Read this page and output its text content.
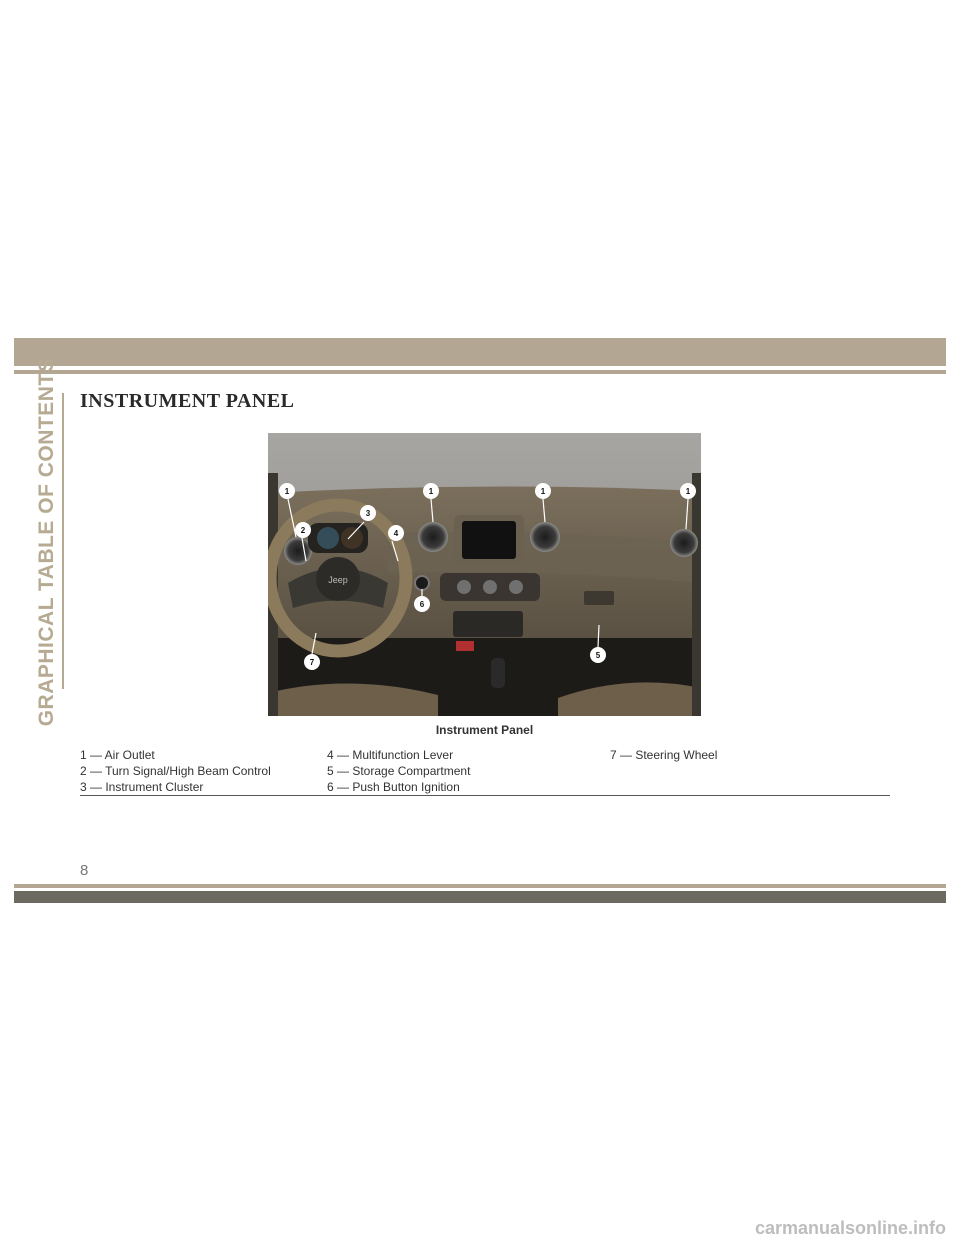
GRAPHICAL TABLE OF CONTENTS INSTRUMENT PANEL
Jeep
1	1	1	1
2
3
4
5
6
7
Instrument Panel
1 — Air Outlet
2 — Turn Signal/High Beam Control
3 — Instrument Cluster
4 — Multifunction Lever
5 — Storage Compartment
6 — Push Button Ignition
7 — Steering Wheel
8
carmanualsonline.info
